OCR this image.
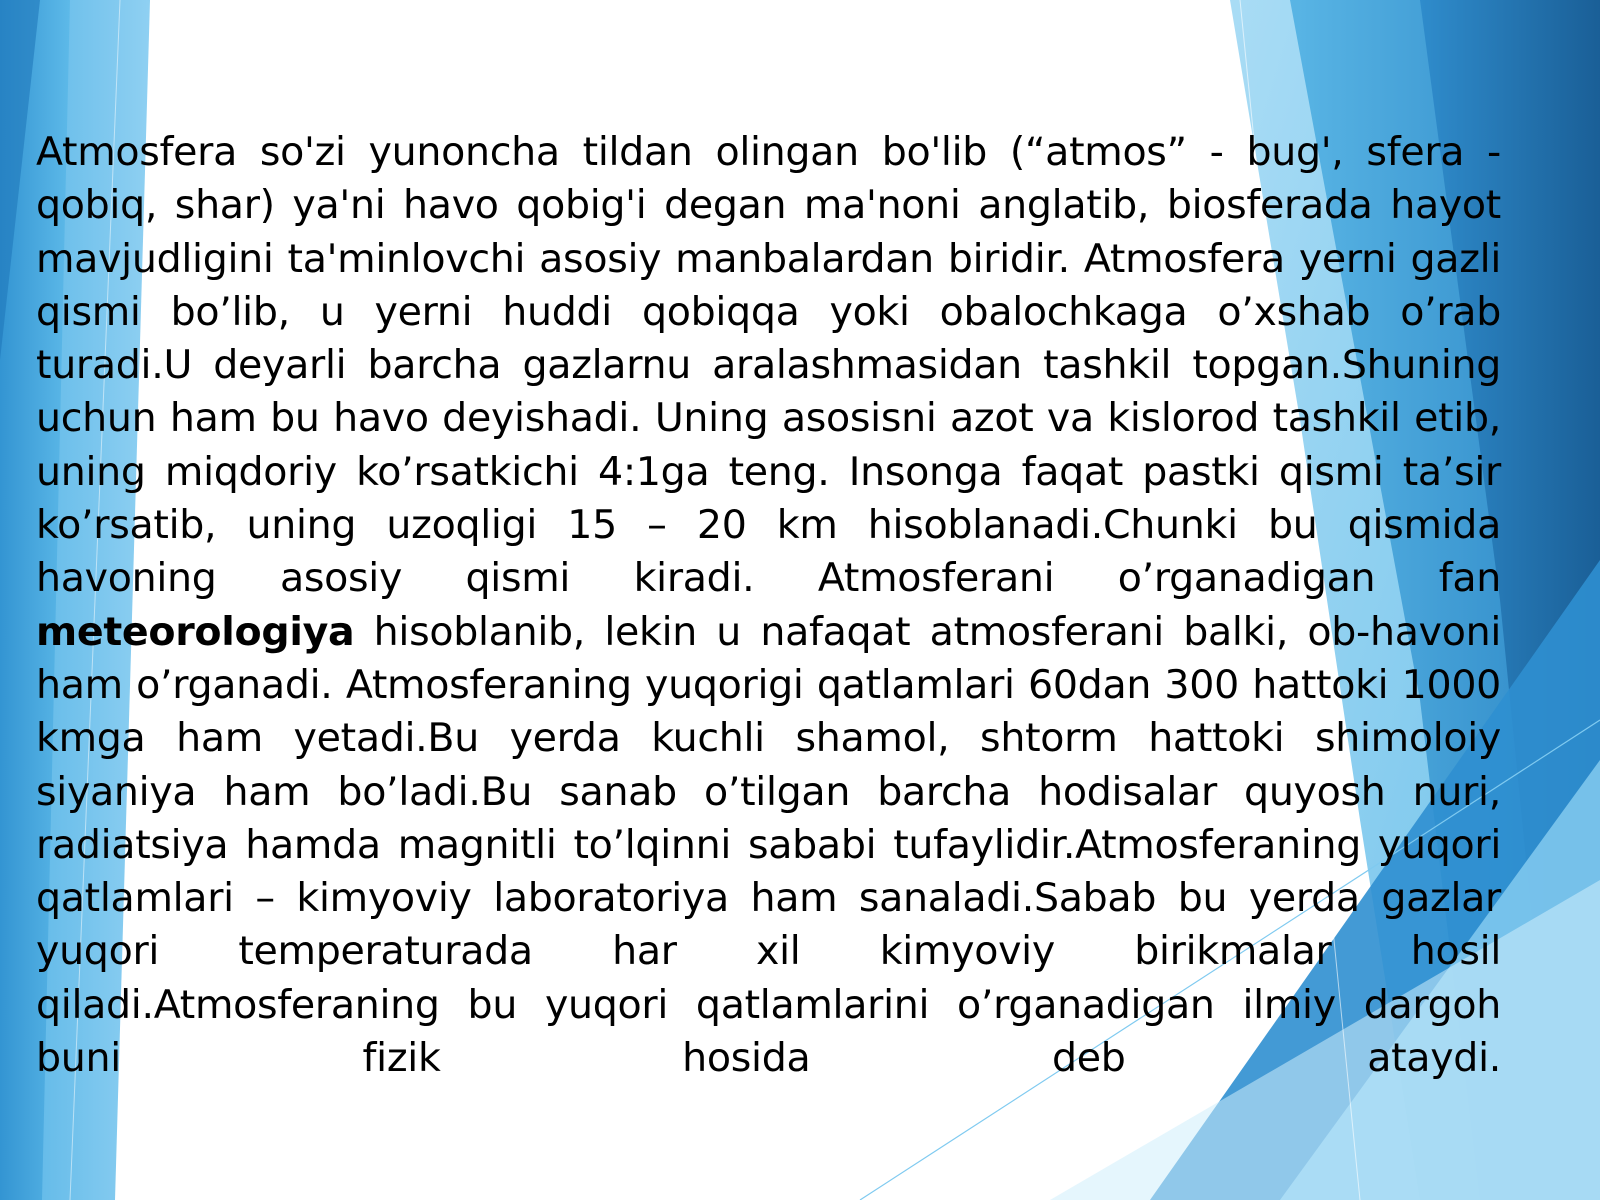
Atmosfera so'zi yunoncha tildan olingan bo'lib (“atmos” - bug', sfera - qobiq, shar) ya'ni havo qobig'i degan ma'noni anglatib, biosferada hayot mavjudligini ta'minlovchi asosiy manbalardan biridir. Atmosfera yerni gazli qismi bo’lib, u yerni huddi qobiqqa yoki obalochkaga o’xshab o’rab turadi.U deyarli barcha gazlarnu aralashmasidan tashkil topgan.Shuning uchun ham bu havo deyishadi. Uning asosisni azot va kislorod tashkil etib, uning miqdoriy ko’rsatkichi 4:1ga teng. Insonga faqat pastki qismi ta’sir ko’rsatib, uning uzoqligi 15 – 20 km hisoblanadi.Chunki bu qismida havoning asosiy qismi kiradi. Atmosferani o’rganadigan fan meteorologiya hisoblanib, lekin u nafaqat atmosferani balki, ob-havoni ham o’rganadi. Atmosferaning yuqorigi qatlamlari 60dan 300 hattoki 1000 kmga ham yetadi.Bu yerda kuchli shamol, shtorm hattoki shimoloiy siyaniya ham bo’ladi.Bu sanab o’tilgan barcha hodisalar quyosh nuri, radiatsiya hamda magnitli to’lqinni sababi tufaylidir.Atmosferaning yuqori qatlamlari – kimyoviy laboratoriya ham sanaladi.Sabab bu yerda gazlar yuqori temperaturada har xil kimyoviy birikmalar hosil qiladi.Atmosferaning bu yuqori qatlamlarini o’rganadigan ilmiy dargoh buni fizik hosida deb ataydi.
